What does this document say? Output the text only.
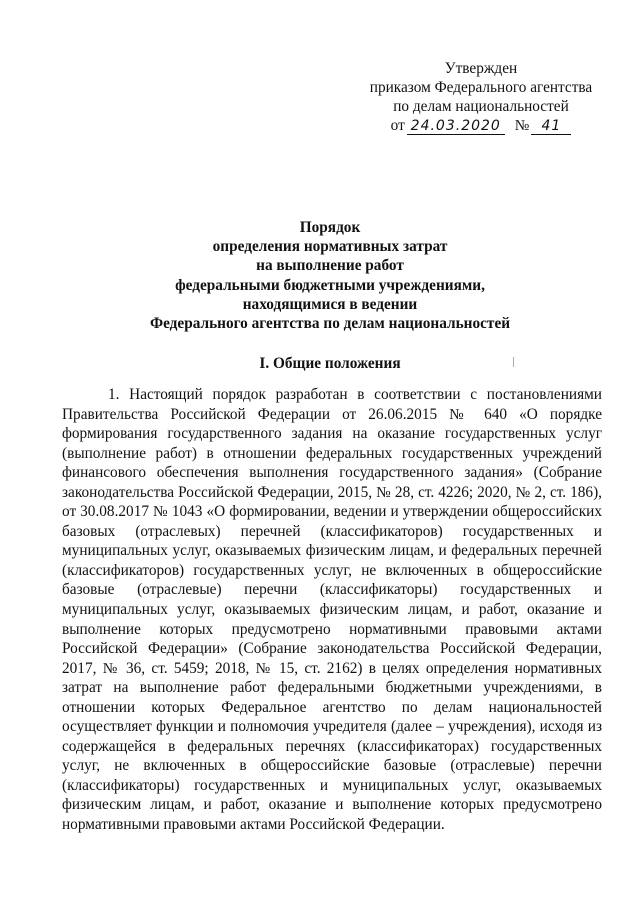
Утвержден
приказом Федерального агентства
по делам национальностей
от 24.03.2020 № 41
Порядок
определения нормативных затрат
на выполнение работ
федеральными бюджетными учреждениями,
находящимися в ведении
Федерального агентства по делам национальностей
I. Общие положения

1. Настоящий порядок разработан в соответствии с постановлениями Правительства Российской Федерации от 26.06.2015 № 640 «О порядке формирования государственного задания на оказание государственных услуг (выполнение работ) в отношении федеральных государственных учреждений финансового обеспечения выполнения государственного задания» (Собрание законодательства Российской Федерации, 2015, № 28, ст. 4226; 2020, № 2, ст. 186), от 30.08.2017 № 1043 «О формировании, ведении и утверждении общероссийских базовых (отраслевых) перечней (классификаторов) государственных и муниципальных услуг, оказываемых физическим лицам, и федеральных перечней (классификаторов) государственных услуг, не включенных в общероссийские базовые (отраслевые) перечни (классификаторы) государственных и муниципальных услуг, оказываемых физическим лицам, и работ, оказание и выполнение которых предусмотрено нормативными правовыми актами Российской Федерации» (Собрание законодательства Российской Федерации, 2017, № 36, ст. 5459; 2018, № 15, ст. 2162) в целях определения нормативных затрат на выполнение работ федеральными бюджетными учреждениями, в отношении которых Федеральное агентство по делам национальностей осуществляет функции и полномочия учредителя (далее – учреждения), исходя из содержащейся в федеральных перечнях (классификаторах) государственных услуг, не включенных в общероссийские базовые (отраслевые) перечни (классификаторы) государственных и муниципальных услуг, оказываемых физическим лицам, и работ, оказание и выполнение которых предусмотрено нормативными правовыми актами Российской Федерации.
